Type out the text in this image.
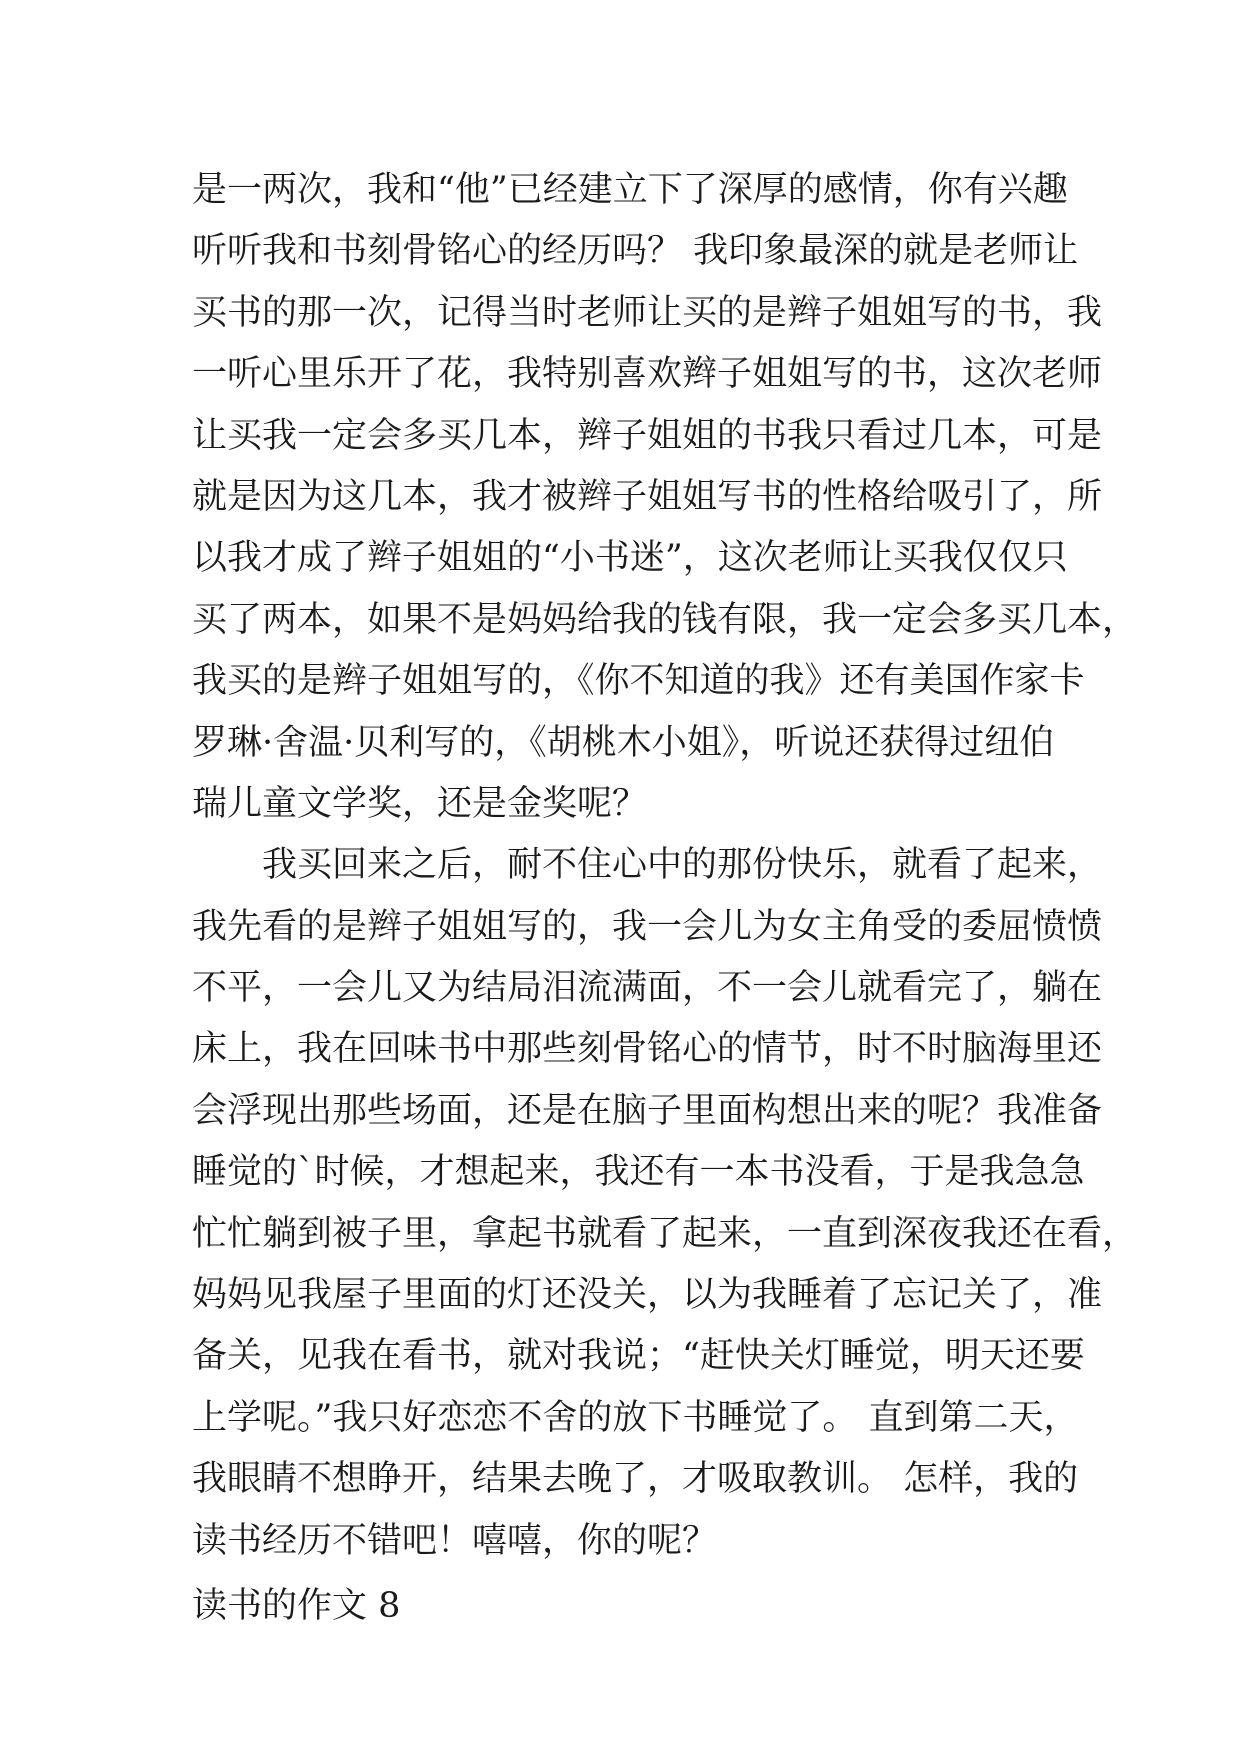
是一两次，我和“他”已经建立下了深厚的感情，你有兴趣
听听我和书刻骨铭心的经历吗？ 我印象最深的就是老师让
买书的那一次，记得当时老师让买的是辫子姐姐写的书，我
一听心里乐开了花，我特别喜欢辫子姐姐写的书，这次老师
让买我一定会多买几本，辫子姐姐的书我只看过几本，可是
就是因为这几本，我才被辫子姐姐写书的性格给吸引了，所
以我才成了辫子姐姐的“小书迷”，这次老师让买我仅仅只
买了两本，如果不是妈妈给我的钱有限，我一定会多买几本，
我买的是辫子姐姐写的，《你不知道的我》还有美国作家卡
罗琳·舍温·贝利写的，《胡桃木小姐》，听说还获得过纽伯
瑞儿童文学奖，还是金奖呢？
　　我买回来之后，耐不住心中的那份快乐，就看了起来，
我先看的是辫子姐姐写的，我一会儿为女主角受的委屈愤愤
不平，一会儿又为结局泪流满面，不一会儿就看完了，躺在
床上，我在回味书中那些刻骨铭心的情节，时不时脑海里还
会浮现出那些场面，还是在脑子里面构想出来的呢？我准备
睡觉的`时候，才想起来，我还有一本书没看，于是我急急
忙忙躺到被子里，拿起书就看了起来，一直到深夜我还在看，
妈妈见我屋子里面的灯还没关，以为我睡着了忘记关了，准
备关，见我在看书，就对我说；“赶快关灯睡觉，明天还要
上学呢。”我只好恋恋不舍的放下书睡觉了。 直到第二天，
我眼睛不想睁开，结果去晚了，才吸取教训。 怎样，我的
读书经历不错吧！嘻嘻，你的呢？
读书的作文 8
